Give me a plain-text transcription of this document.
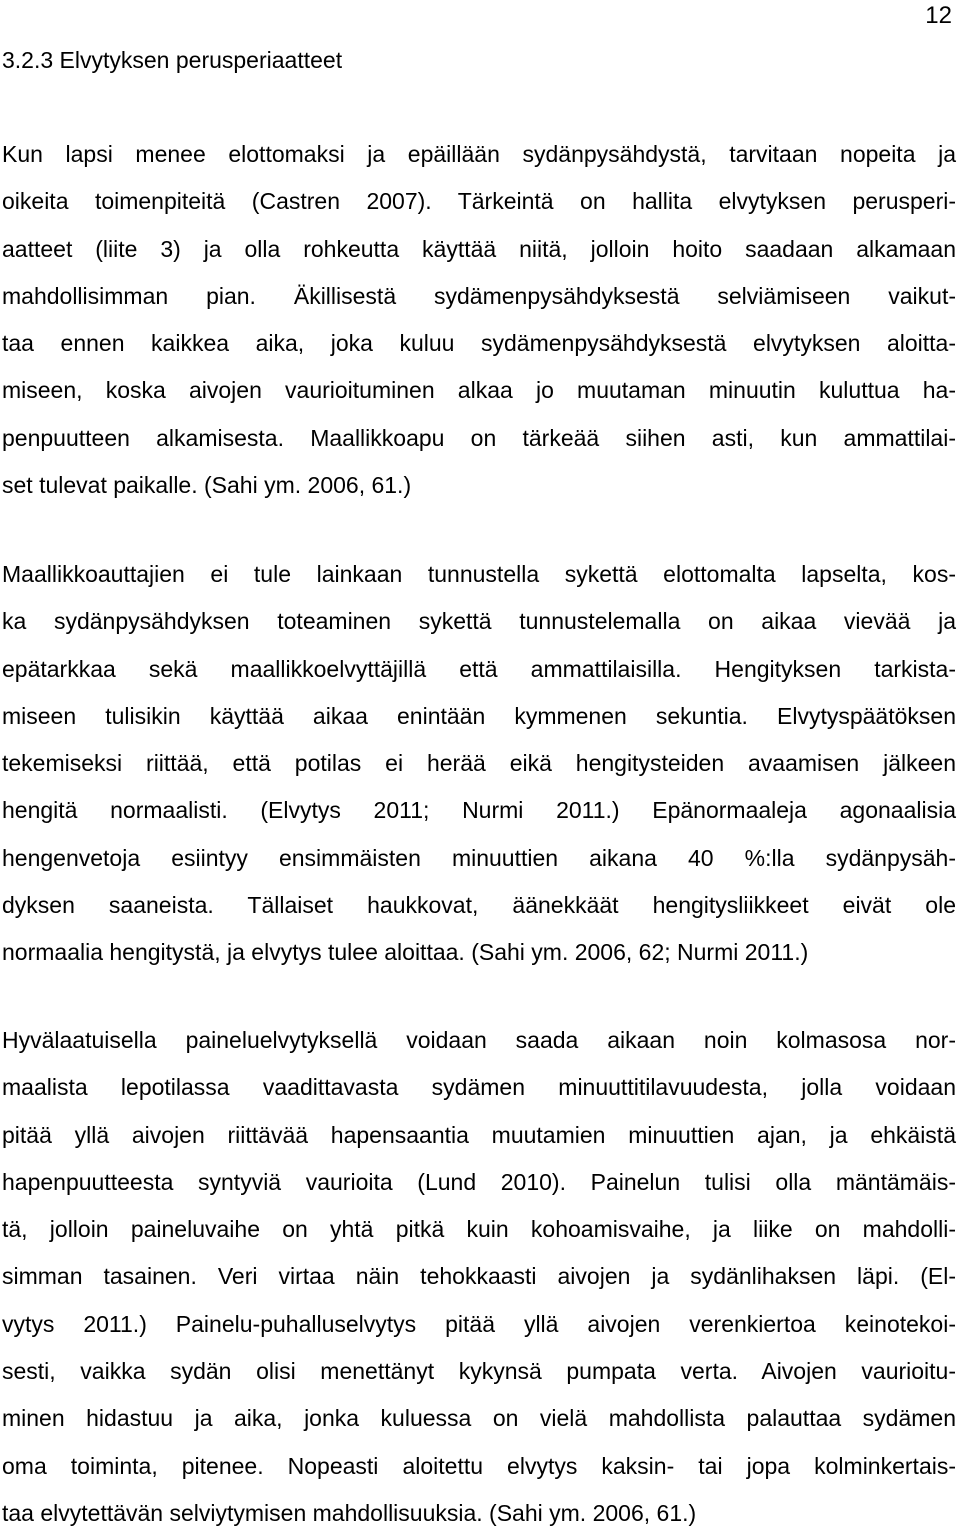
12
3.2.3 Elvytyksen perusperiaatteet
Kun lapsi menee elottomaksi ja epäillään sydänpysähdystä, tarvitaan nopeita ja
oikeita toimenpiteitä (Castren 2007). Tärkeintä on hallita elvytyksen perusperi-
aatteet (liite 3) ja olla rohkeutta käyttää niitä, jolloin hoito saadaan alkamaan
mahdollisimman pian. Äkillisestä sydämenpysähdyksestä selviämiseen vaikut-
taa ennen kaikkea aika, joka kuluu sydämenpysähdyksestä elvytyksen aloitta-
miseen, koska aivojen vaurioituminen alkaa jo muutaman minuutin kuluttua ha-
penpuutteen alkamisesta. Maallikkoapu on tärkeää siihen asti, kun ammattilai-
set tulevat paikalle. (Sahi ym. 2006, 61.)
Maallikkoauttajien ei tule lainkaan tunnustella sykettä elottomalta lapselta, kos-
ka sydänpysähdyksen toteaminen sykettä tunnustelemalla on aikaa vievää ja
epätarkkaa sekä maallikkoelvyttäjillä että ammattilaisilla. Hengityksen tarkista-
miseen tulisikin käyttää aikaa enintään kymmenen sekuntia. Elvytyspäätöksen
tekemiseksi riittää, että potilas ei herää eikä hengitysteiden avaamisen jälkeen
hengitä normaalisti. (Elvytys 2011; Nurmi 2011.) Epänormaaleja agonaalisia
hengenvetoja esiintyy ensimmäisten minuuttien aikana 40 %:lla sydänpysäh-
dyksen saaneista. Tällaiset haukkovat, äänekkäät hengitysliikkeet eivät ole
normaalia hengitystä, ja elvytys tulee aloittaa. (Sahi ym. 2006, 62; Nurmi 2011.)
Hyvälaatuisella paineluelvytyksellä voidaan saada aikaan noin kolmasosa nor-
maalista lepotilassa vaadittavasta sydämen minuuttitilavuudesta, jolla voidaan
pitää yllä aivojen riittävää hapensaantia muutamien minuuttien ajan, ja ehkäistä
hapenpuutteesta syntyviä vaurioita (Lund 2010). Painelun tulisi olla mäntämäis-
tä, jolloin paineluvaihe on yhtä pitkä kuin kohoamisvaihe, ja liike on mahdolli-
simman tasainen. Veri virtaa näin tehokkaasti aivojen ja sydänlihaksen läpi. (El-
vytys 2011.) Painelu-puhalluselvytys pitää yllä aivojen verenkiertoa keinotekoi-
sesti, vaikka sydän olisi menettänyt kykynsä pumpata verta. Aivojen vaurioitu-
minen hidastuu ja aika, jonka kuluessa on vielä mahdollista palauttaa sydämen
oma toiminta, pitenee. Nopeasti aloitettu elvytys kaksin- tai jopa kolminkertais-
taa elvytettävän selviytymisen mahdollisuuksia. (Sahi ym. 2006, 61.)
